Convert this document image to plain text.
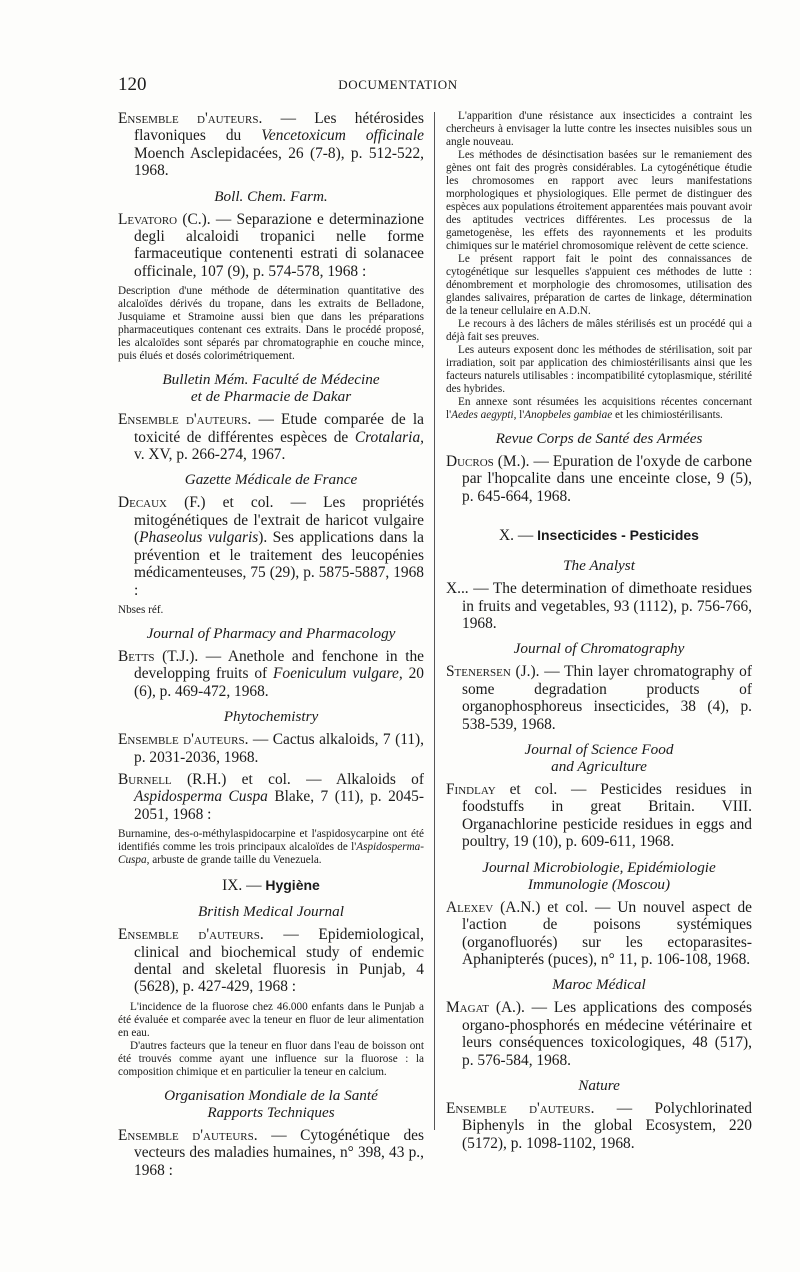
120	DOCUMENTATION

Ensemble d'auteurs. — Les hétérosides flavoniques du Vencetoxicum officinale Moench Asclepidacées, 26 (7-8), p. 512-522, 1968.

Boll. Chem. Farm.

Levatoro (C.). — Separazione e determinazione degli alcaloidi tropanici nelle forme farmaceutique contenenti estrati di solanacee officinale, 107 (9), p. 574-578, 1968 :

Description d'une méthode de détermination quantitative des alcaloïdes dérivés du tropane, dans les extraits de Belladone, Jusquiame et Stramoine aussi bien que dans les préparations pharmaceutiques contenant ces extraits. Dans le procédé proposé, les alcaloïdes sont séparés par chromatographie en couche mince, puis élués et dosés colorimétriquement.

Bulletin Mém. Faculté de Médecine
et de Pharmacie de Dakar

Ensemble d'auteurs. — Etude comparée de la toxicité de différentes espèces de Crotalaria, v. XV, p. 266-274, 1967.

Gazette Médicale de France

Decaux (F.) et col. — Les propriétés mitogénétiques de l'extrait de haricot vulgaire (Phaseolus vulgaris). Ses applications dans la prévention et le traitement des leucopénies médicamenteuses, 75 (29), p. 5875-5887, 1968 :

Nbses réf.

Journal of Pharmacy and Pharmacology

Betts (T.J.). — Anethole and fenchone in the developping fruits of Foeniculum vulgare, 20 (6), p. 469-472, 1968.

Phytochemistry

Ensemble d'auteurs. — Cactus alkaloids, 7 (11), p. 2031-2036, 1968.

Burnell (R.H.) et col. — Alkaloids of Aspidosperma Cuspa Blake, 7 (11), p. 2045-2051, 1968 :

Burnamine, des-o-méthylaspidocarpine et l'aspidosycarpine ont été identifiés comme les trois principaux alcaloïdes de l'Aspidosperma-Cuspa, arbuste de grande taille du Venezuela.

IX. — Hygiène
British Medical Journal

Ensemble d'auteurs. — Epidemiological, clinical and biochemical study of endemic dental and skeletal fluoresis in Punjab, 4 (5628), p. 427-429, 1968 :

L'incidence de la fluorose chez 46.000 enfants dans le Punjab a été évaluée et comparée avec la teneur en fluor de leur alimentation en eau.

D'autres facteurs que la teneur en fluor dans l'eau de boisson ont été trouvés comme ayant une influence sur la fluorose : la composition chimique et en particulier la teneur en calcium.

Organisation Mondiale de la Santé
Rapports Techniques

Ensemble d'auteurs. — Cytogénétique des vecteurs des maladies humaines, n° 398, 43 p., 1968 :

L'apparition d'une résistance aux insecticides a contraint les chercheurs à envisager la lutte contre les insectes nuisibles sous un angle nouveau.

Les méthodes de désinctisation basées sur le remaniement des gènes ont fait des progrès considérables. La cytogénétique étudie les chromosomes en rapport avec leurs manifestations morphologiques et physiologiques. Elle permet de distinguer des espèces aux populations étroitement apparentées mais pouvant avoir des aptitudes vectrices différentes. Les processus de la gametogenèse, les effets des rayonnements et les produits chimiques sur le matériel chromosomique relèvent de cette science.

Le présent rapport fait le point des connaissances de cytogénétique sur lesquelles s'appuient ces méthodes de lutte : dénombrement et morphologie des chromosomes, utilisation des glandes salivaires, préparation de cartes de linkage, détermination de la teneur cellulaire en A.D.N.

Le recours à des lâchers de mâles stérilisés est un procédé qui a déjà fait ses preuves.

Les auteurs exposent donc les méthodes de stérilisation, soit par irradiation, soit par application des chimiostérilisants ainsi que les facteurs naturels utilisables : incompatibilité cytoplasmique, stérilité des hybrides.

En annexe sont résumées les acquisitions récentes concernant l'Aedes aegypti, l'Anopbeles gambiae et les chimiostérilisants.

Revue Corps de Santé des Armées

Ducros (M.). — Epuration de l'oxyde de carbone par l'hopcalite dans une enceinte close, 9 (5), p. 645-664, 1968.

X. — Insecticides - Pesticides
The Analyst

X... — The determination of dimethoate residues in fruits and vegetables, 93 (1112), p. 756-766, 1968.

Journal of Chromatography

Stenersen (J.). — Thin layer chromatography of some degradation products of organophosphoreus insecticides, 38 (4), p. 538-539, 1968.

Journal of Science Food
and Agriculture

Findlay et col. — Pesticides residues in foodstuffs in great Britain. VIII. Organachlorine pesticide residues in eggs and poultry, 19 (10), p. 609-611, 1968.

Journal Microbiologie, Epidémiologie
Immunologie (Moscou)

Alexev (A.N.) et col. — Un nouvel aspect de l'action de poisons systémiques (organofluorés) sur les ectoparasites-Aphanipterés (puces), n° 11, p. 106-108, 1968.

Maroc Médical

Magat (A.). — Les applications des composés organo-phosphorés en médecine vétérinaire et leurs conséquences toxicologiques, 48 (517), p. 576-584, 1968.

Nature

Ensemble d'auteurs. — Polychlorinated Biphenyls in the global Ecosystem, 220 (5172), p. 1098-1102, 1968.
